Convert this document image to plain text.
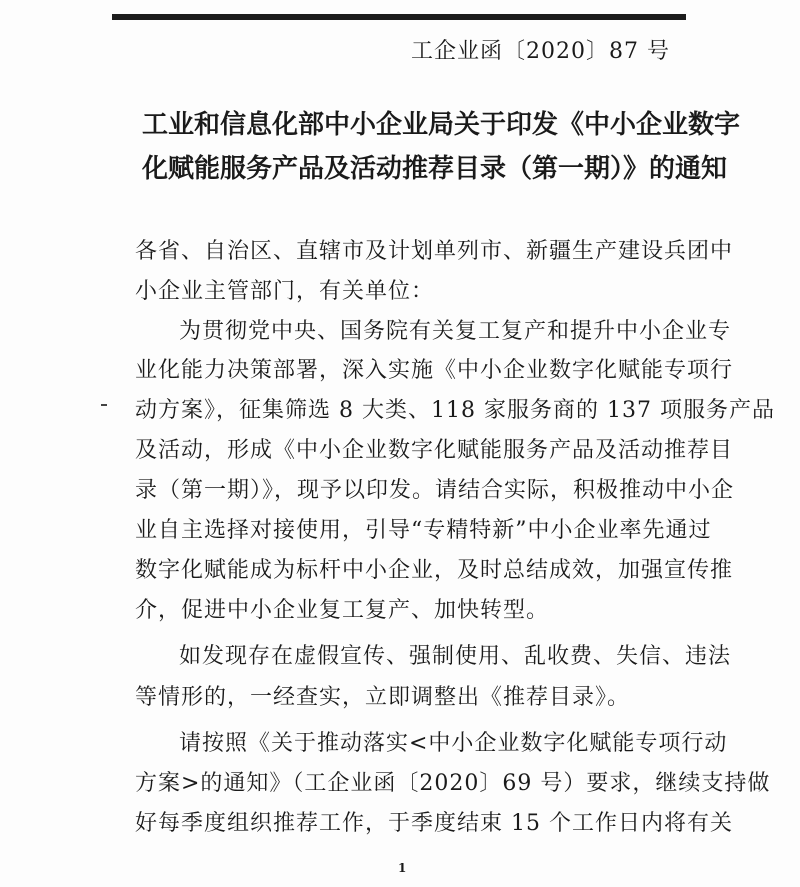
工企业函〔2020〕87 号
工业和信息化部中小企业局关于印发《中小企业数字
化赋能服务产品及活动推荐目录（第一期）》的通知
各省、自治区、直辖市及计划单列市、新疆生产建设兵团中
小企业主管部门，有关单位：
为贯彻党中央、国务院有关复工复产和提升中小企业专
业化能力决策部署，深入实施《中小企业数字化赋能专项行
动方案》，征集筛选 8 大类、118 家服务商的 137 项服务产品
及活动，形成《中小企业数字化赋能服务产品及活动推荐目
录（第一期）》，现予以印发。请结合实际，积极推动中小企
业自主选择对接使用，引导“专精特新”中小企业率先通过
数字化赋能成为标杆中小企业，及时总结成效，加强宣传推
介，促进中小企业复工复产、加快转型。
如发现存在虚假宣传、强制使用、乱收费、失信、违法
等情形的，一经查实，立即调整出《推荐目录》。
请按照《关于推动落实<中小企业数字化赋能专项行动
方案>的通知》（工企业函〔2020〕69 号）要求，继续支持做
好每季度组织推荐工作，于季度结束 15 个工作日内将有关
1
